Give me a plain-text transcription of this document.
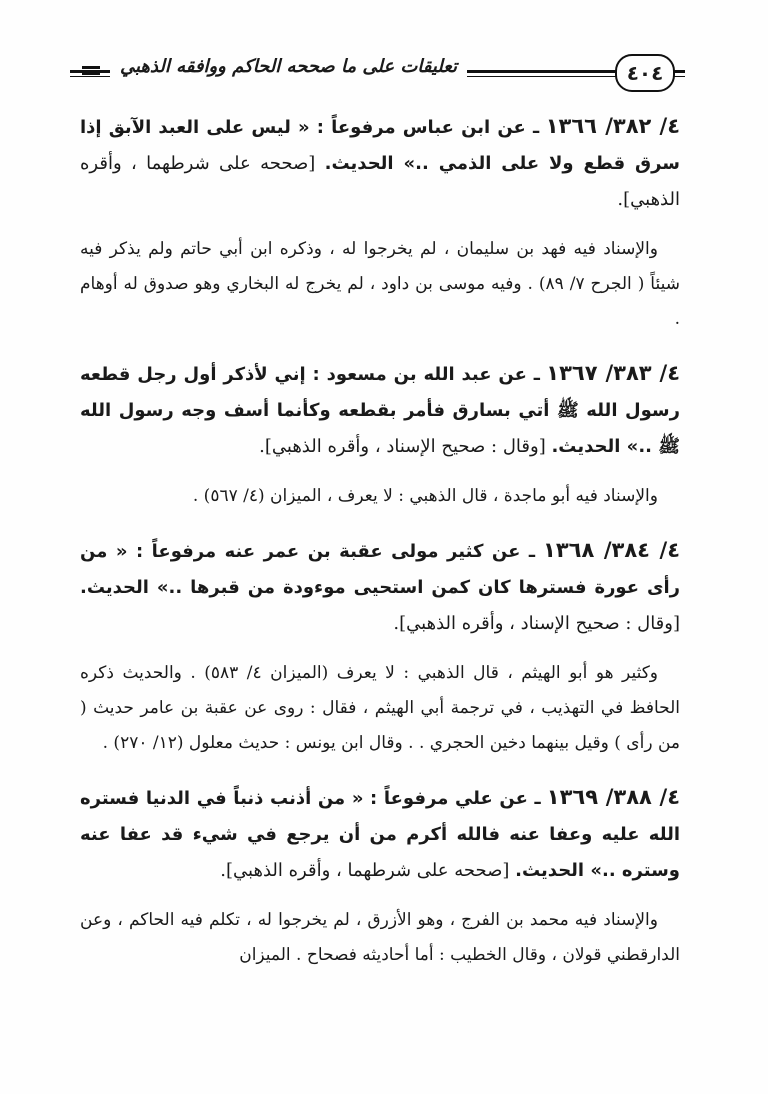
تعليقات على ما صححه الحاكم ووافقه الذهبي	٤٠٤

٤/ ٣٨٢/ ١٣٦٦ ـ عن ابن عباس مرفوعاً : « ليس على العبد الآبق إذا سرق قطع ولا على الذمي ..» الحديث. [صححه على شرطهما ، وأقره الذهبي].

والإسناد فيه فهد بن سليمان ، لم يخرجوا له ، وذكره ابن أبي حاتم ولم يذكر فيه شيئاً ( الجرح ٧/ ٨٩) . وفيه موسى بن داود ، لم يخرج له البخاري وهو صدوق له أوهام .

٤/ ٣٨٣/ ١٣٦٧ ـ عن عبد الله بن مسعود : إني لأذكر أول رجل قطعه رسول الله ﷺ أتي بسارق فأمر بقطعه وكأنما أسف وجه رسول الله ﷺ ..» الحديث. [وقال : صحيح الإسناد ، وأقره الذهبي].

والإسناد فيه أبو ماجدة ، قال الذهبي : لا يعرف ، الميزان (٤/ ٥٦٧) .

٤/ ٣٨٤/ ١٣٦٨ ـ عن كثير مولى عقبة بن عمر عنه مرفوعاً : « من رأى عورة فسترها كان كمن استحيى موءودة من قبرها ..» الحديث. [وقال : صحيح الإسناد ، وأقره الذهبي].

وكثير هو أبو الهيثم ، قال الذهبي : لا يعرف (الميزان ٤/ ٥٨٣) . والحديث ذكره الحافظ في التهذيب ، في ترجمة أبي الهيثم ، فقال : روى عن عقبة بن عامر حديث ( من رأى ) وقيل بينهما دخين الحجري . . وقال ابن يونس : حديث معلول (١٢/ ٢٧٠) .

٤/ ٣٨٨/ ١٣٦٩ ـ عن علي مرفوعاً : « من أذنب ذنباً في الدنيا فستره الله عليه وعفا عنه فالله أكرم من أن يرجع في شيء قد عفا عنه وستره ..» الحديث. [صححه على شرطهما ، وأقره الذهبي].

والإسناد فيه محمد بن الفرج ، وهو الأزرق ، لم يخرجوا له ، تكلم فيه الحاكم ، وعن الدارقطني قولان ، وقال الخطيب : أما أحاديثه فصحاح . الميزان
